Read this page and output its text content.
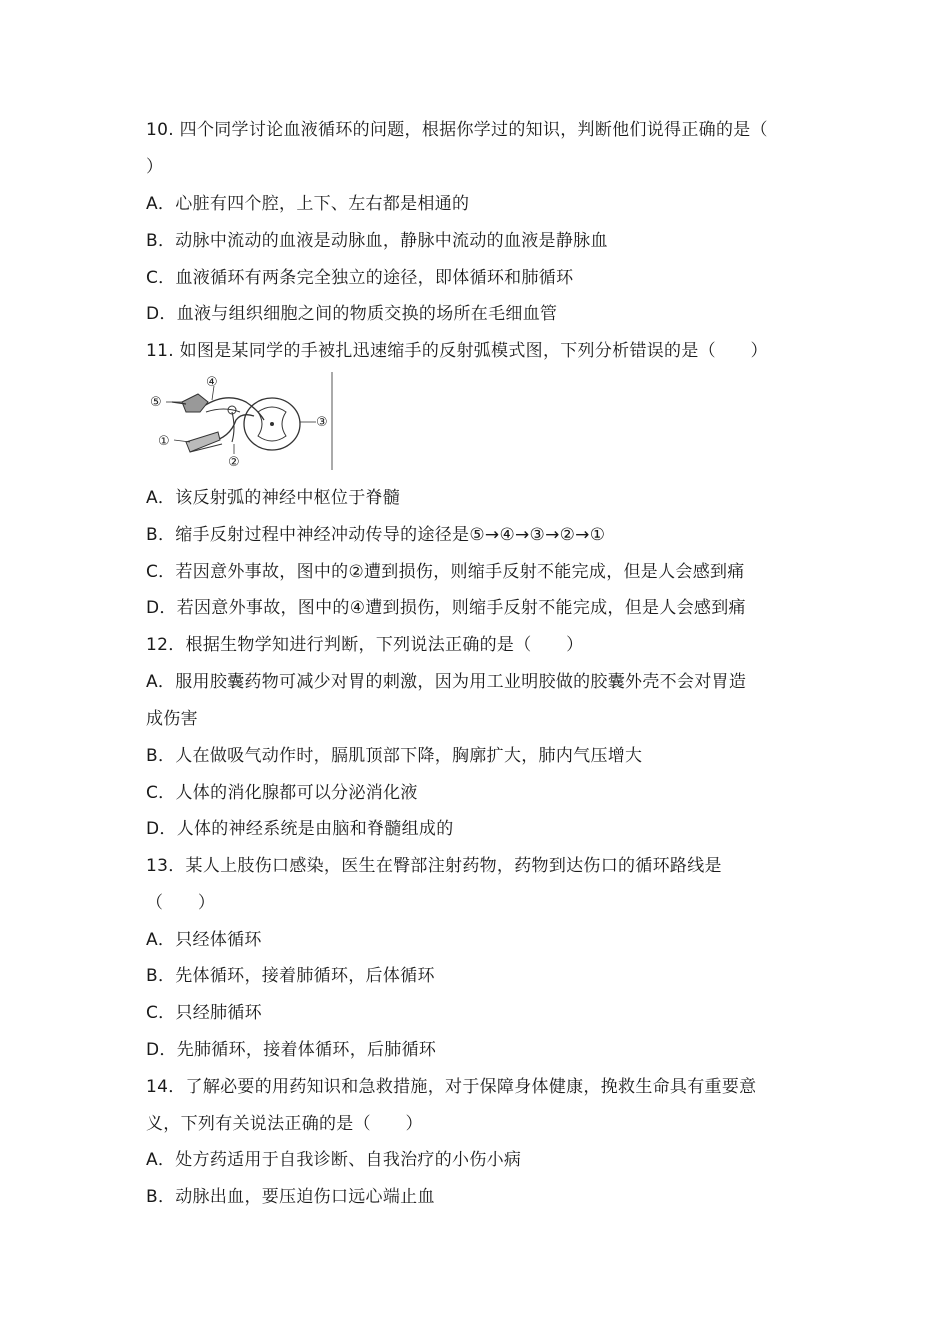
10. 四个同学讨论血液循环的问题，根据你学过的知识，判断他们说得正确的是（
）
A．心脏有四个腔，上下、左右都是相通的
B．动脉中流动的血液是动脉血，静脉中流动的血液是静脉血
C．血液循环有两条完全独立的途径，即体循环和肺循环
D．血液与组织细胞之间的物质交换的场所在毛细血管
11. 如图是某同学的手被扎迅速缩手的反射弧模式图，下列分析错误的是（　　）
⑤
④
③
①
②
A．该反射弧的神经中枢位于脊髓
B．缩手反射过程中神经冲动传导的途径是⑤→④→③→②→①
C．若因意外事故，图中的②遭到损伤，则缩手反射不能完成，但是人会感到痛
D．若因意外事故，图中的④遭到损伤，则缩手反射不能完成，但是人会感到痛
12．根据生物学知进行判断，下列说法正确的是（　　）
A．服用胶囊药物可减少对胃的刺激，因为用工业明胶做的胶囊外壳不会对胃造
成伤害
B．人在做吸气动作时，膈肌顶部下降，胸廓扩大，肺内气压增大
C．人体的消化腺都可以分泌消化液
D．人体的神经系统是由脑和脊髓组成的
13．某人上肢伤口感染，医生在臀部注射药物，药物到达伤口的循环路线是
（　　）
A．只经体循环
B．先体循环，接着肺循环，后体循环
C．只经肺循环
D．先肺循环，接着体循环，后肺循环
14．了解必要的用药知识和急救措施，对于保障身体健康，挽救生命具有重要意
义，下列有关说法正确的是（　　）
A．处方药适用于自我诊断、自我治疗的小伤小病
B．动脉出血，要压迫伤口远心端止血
